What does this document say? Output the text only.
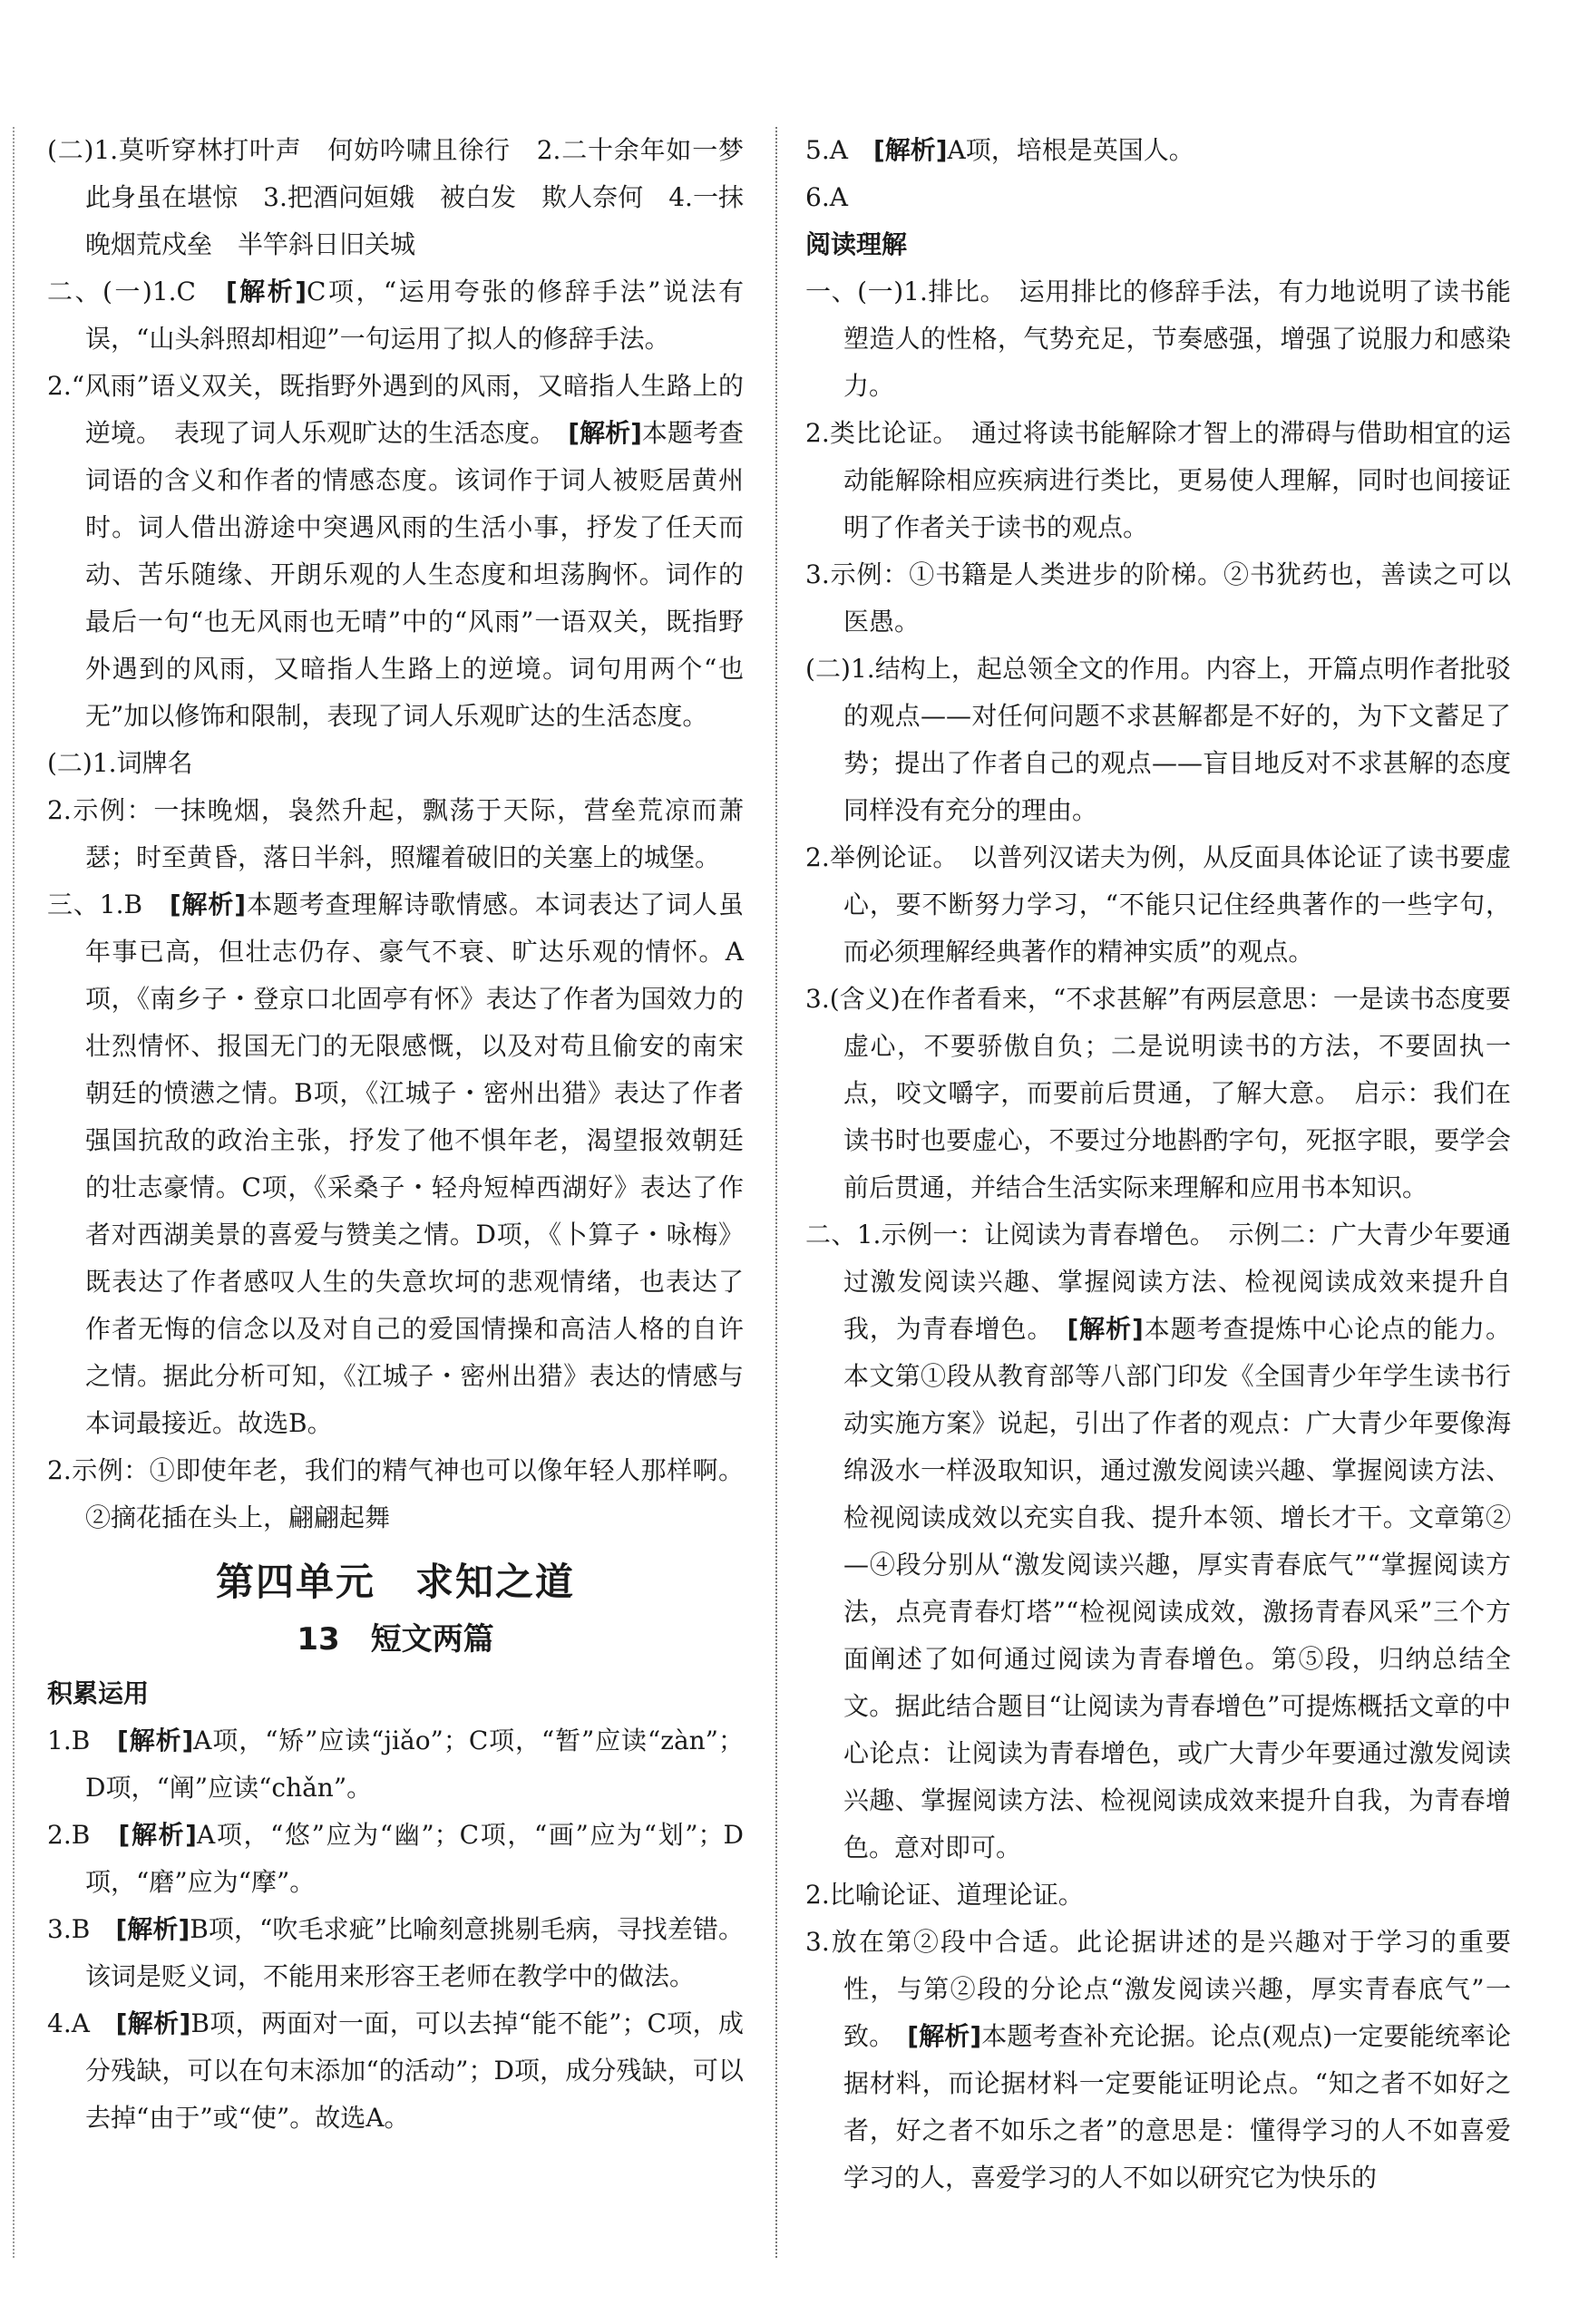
(二)1.莫听穿林打叶声　何妨吟啸且徐行　2.二十余年如一梦　此身虽在堪惊　3.把酒问姮娥　被白发　欺人奈何　4.一抹晚烟荒戍垒　半竿斜日旧关城

二、(一)1.C　[解析]C项，“运用夸张的修辞手法”说法有误，“山头斜照却相迎”一句运用了拟人的修辞手法。

2.“风雨”语义双关，既指野外遇到的风雨，又暗指人生路上的逆境。　表现了词人乐观旷达的生活态度。　[解析]本题考查词语的含义和作者的情感态度。该词作于词人被贬居黄州时。词人借出游途中突遇风雨的生活小事，抒发了任天而动、苦乐随缘、开朗乐观的人生态度和坦荡胸怀。词作的最后一句“也无风雨也无晴”中的“风雨”一语双关，既指野外遇到的风雨，又暗指人生路上的逆境。词句用两个“也无”加以修饰和限制，表现了词人乐观旷达的生活态度。

(二)1.词牌名

2.示例：一抹晚烟，袅然升起，飘荡于天际，营垒荒凉而萧瑟；时至黄昏，落日半斜，照耀着破旧的关塞上的城堡。

三、1.B　[解析]本题考查理解诗歌情感。本词表达了词人虽年事已高，但壮志仍存、豪气不衰、旷达乐观的情怀。A项，《南乡子・登京口北固亭有怀》表达了作者为国效力的壮烈情怀、报国无门的无限感慨，以及对苟且偷安的南宋朝廷的愤懑之情。B项，《江城子・密州出猎》表达了作者强国抗敌的政治主张，抒发了他不惧年老，渴望报效朝廷的壮志豪情。C项，《采桑子・轻舟短棹西湖好》表达了作者对西湖美景的喜爱与赞美之情。D项，《卜算子・咏梅》既表达了作者感叹人生的失意坎坷的悲观情绪，也表达了作者无悔的信念以及对自己的爱国情操和高洁人格的自许之情。据此分析可知，《江城子・密州出猎》表达的情感与本词最接近。故选B。

2.示例：①即使年老，我们的精气神也可以像年轻人那样啊。②摘花插在头上，翩翩起舞

第四单元　求知之道
13　短文两篇

积累运用

1.B　[解析]A项，“矫”应读“jiǎo”；C项，“暂”应读“zàn”；D项，“阐”应读“chǎn”。

2.B　[解析]A项，“悠”应为“幽”；C项，“画”应为“划”；D项，“磨”应为“摩”。

3.B　[解析]B项，“吹毛求疵”比喻刻意挑剔毛病，寻找差错。该词是贬义词，不能用来形容王老师在教学中的做法。

4.A　[解析]B项，两面对一面，可以去掉“能不能”；C项，成分残缺，可以在句末添加“的活动”；D项，成分残缺，可以去掉“由于”或“使”。故选A。

5.A　[解析]A项，培根是英国人。

6.A

阅读理解

一、(一)1.排比。　运用排比的修辞手法，有力地说明了读书能塑造人的性格，气势充足，节奏感强，增强了说服力和感染力。

2.类比论证。　通过将读书能解除才智上的滞碍与借助相宜的运动能解除相应疾病进行类比，更易使人理解，同时也间接证明了作者关于读书的观点。

3.示例：①书籍是人类进步的阶梯。②书犹药也，善读之可以医愚。

(二)1.结构上，起总领全文的作用。内容上，开篇点明作者批驳的观点——对任何问题不求甚解都是不好的，为下文蓄足了势；提出了作者自己的观点——盲目地反对不求甚解的态度同样没有充分的理由。

2.举例论证。　以普列汉诺夫为例，从反面具体论证了读书要虚心，要不断努力学习，“不能只记住经典著作的一些字句，而必须理解经典著作的精神实质”的观点。

3.(含义)在作者看来，“不求甚解”有两层意思：一是读书态度要虚心，不要骄傲自负；二是说明读书的方法，不要固执一点，咬文嚼字，而要前后贯通，了解大意。　启示：我们在读书时也要虚心，不要过分地斟酌字句，死抠字眼，要学会前后贯通，并结合生活实际来理解和应用书本知识。

二、1.示例一：让阅读为青春增色。　示例二：广大青少年要通过激发阅读兴趣、掌握阅读方法、检视阅读成效来提升自我，为青春增色。　[解析]本题考查提炼中心论点的能力。本文第①段从教育部等八部门印发《全国青少年学生读书行动实施方案》说起，引出了作者的观点：广大青少年要像海绵汲水一样汲取知识，通过激发阅读兴趣、掌握阅读方法、检视阅读成效以充实自我、提升本领、增长才干。文章第②—④段分别从“激发阅读兴趣，厚实青春底气”“掌握阅读方法，点亮青春灯塔”“检视阅读成效，激扬青春风采”三个方面阐述了如何通过阅读为青春增色。第⑤段，归纳总结全文。据此结合题目“让阅读为青春增色”可提炼概括文章的中心论点：让阅读为青春增色，或广大青少年要通过激发阅读兴趣、掌握阅读方法、检视阅读成效来提升自我，为青春增色。意对即可。

2.比喻论证、道理论证。

3.放在第②段中合适。此论据讲述的是兴趣对于学习的重要性，与第②段的分论点“激发阅读兴趣，厚实青春底气”一致。　[解析]本题考查补充论据。论点(观点)一定要能统率论据材料，而论据材料一定要能证明论点。“知之者不如好之者，好之者不如乐之者”的意思是：懂得学习的人不如喜爱学习的人，喜爱学习的人不如以研究它为快乐的
